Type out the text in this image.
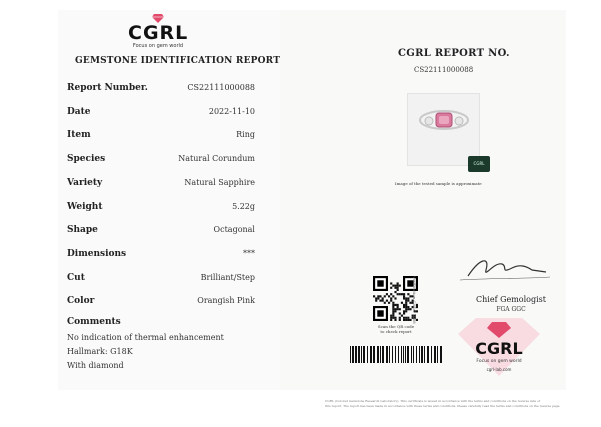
CGRL
Focus on gem world
GEMSTONE IDENTIFICATION REPORT
Report Number.	CS22111000088
Date	2022-11-10
Item	Ring
Species	Natural Corundum
Variety	Natural Sapphire
Weight	5.22g
Shape	Octagonal
Dimensions	***
Cut	Brilliant/Step
Color	Orangish Pink
Comments
No indication of thermal enhancement
Hallmark: G18K
With diamond
CGRL REPORT NO.
CS22111000088
CGRL
Image of the tested sample is approximate
Scan the QR code
to check report
Verification Code: 1088	Chief Gemologist
FGA GGC
CGRL
Focus on gem world
cgrl-lab.com
CGRL (Colored Gemstone Research Laboratory). This certificate is issued in accordance with the terms and conditions on the reverse side of
this report. The report has been made in accordance with these terms and conditions. Please carefully read the terms and conditions on the reverse page.
